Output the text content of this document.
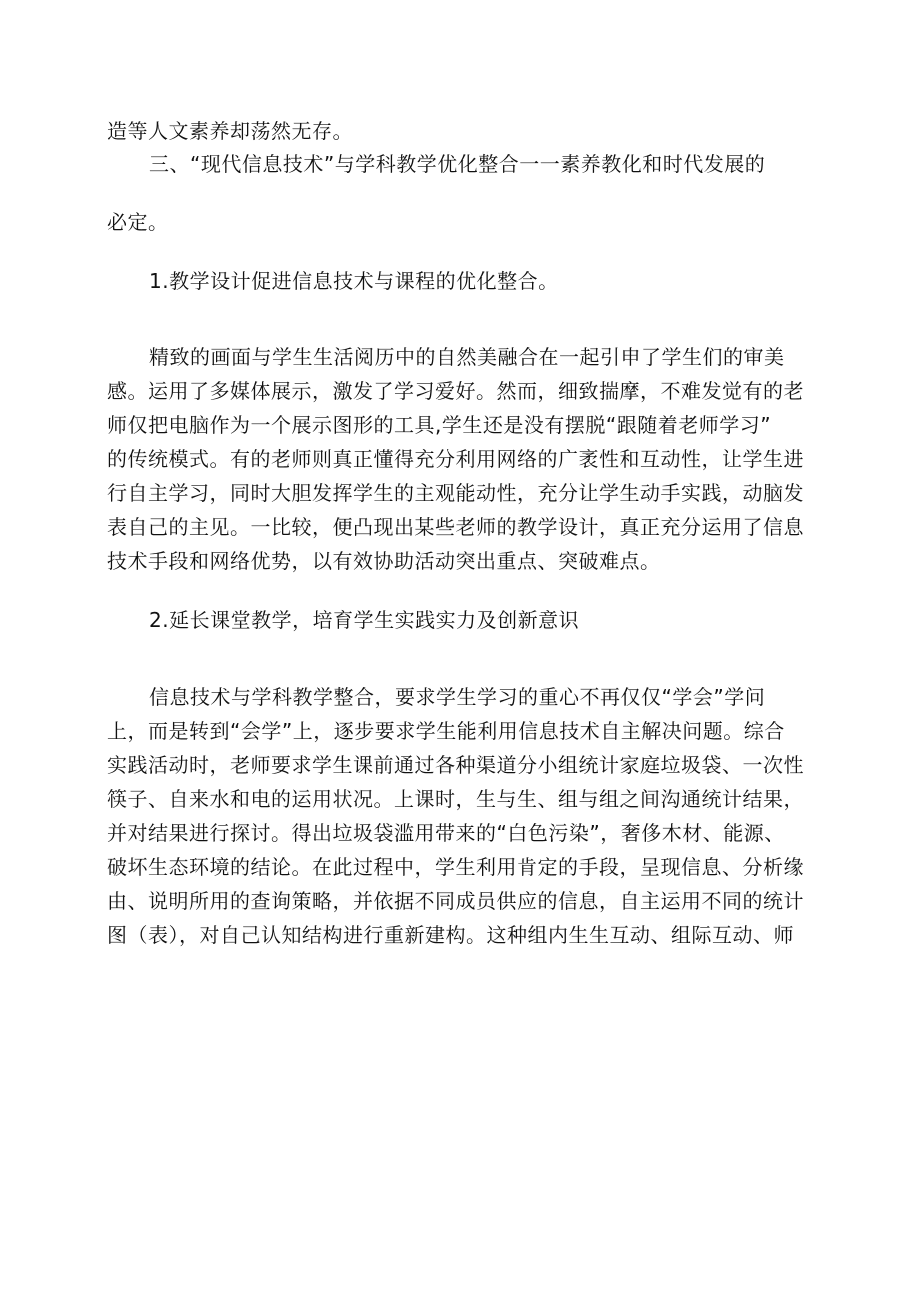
造等人文素养却荡然无存。
三、“现代信息技术”与学科教学优化整合一一素养教化和时代发展的
必定。
1.教学设计促进信息技术与课程的优化整合。
精致的画面与学生生活阅历中的自然美融合在一起引申了学生们的审美
感。运用了多媒体展示，激发了学习爱好。然而，细致揣摩，不难发觉有的老
师仅把电脑作为一个展示图形的工具,学生还是没有摆脱“跟随着老师学习”
的传统模式。有的老师则真正懂得充分利用网络的广袤性和互动性，让学生进
行自主学习，同时大胆发挥学生的主观能动性，充分让学生动手实践，动脑发
表自己的主见。一比较，便凸现出某些老师的教学设计，真正充分运用了信息
技术手段和网络优势，以有效协助活动突出重点、突破难点。
2.延长课堂教学，培育学生实践实力及创新意识
信息技术与学科教学整合，要求学生学习的重心不再仅仅“学会”学问
上，而是转到“会学”上，逐步要求学生能利用信息技术自主解决问题。综合
实践活动时，老师要求学生课前通过各种渠道分小组统计家庭垃圾袋、一次性
筷子、自来水和电的运用状况。上课时，生与生、组与组之间沟通统计结果，
并对结果进行探讨。得出垃圾袋滥用带来的“白色污染”，奢侈木材、能源、
破坏生态环境的结论。在此过程中，学生利用肯定的手段，呈现信息、分析缘
由、说明所用的查询策略，并依据不同成员供应的信息，自主运用不同的统计
图（表），对自己认知结构进行重新建构。这种组内生生互动、组际互动、师
